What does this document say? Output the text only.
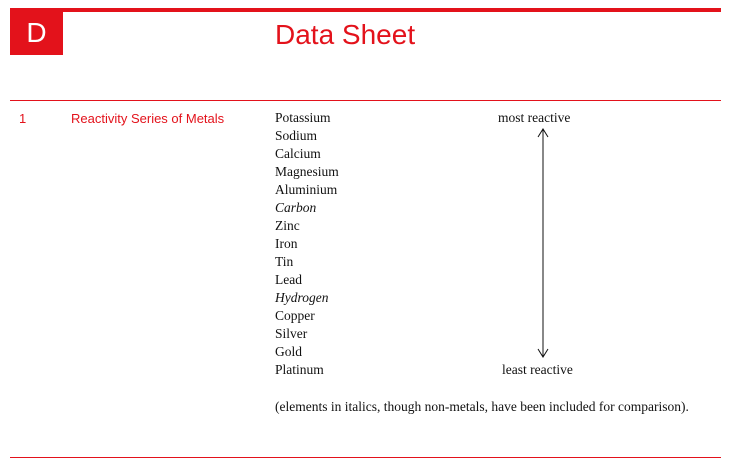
D	Data Sheet
1	Reactivity Series of Metals	Potassium
Sodium
Calcium
Magnesium
Aluminium
Carbon
Zinc
Iron
Tin
Lead
Hydrogen
Copper
Silver
Gold
Platinum
most reactive
least reactive
(elements in italics, though non-metals, have been included for comparison).
